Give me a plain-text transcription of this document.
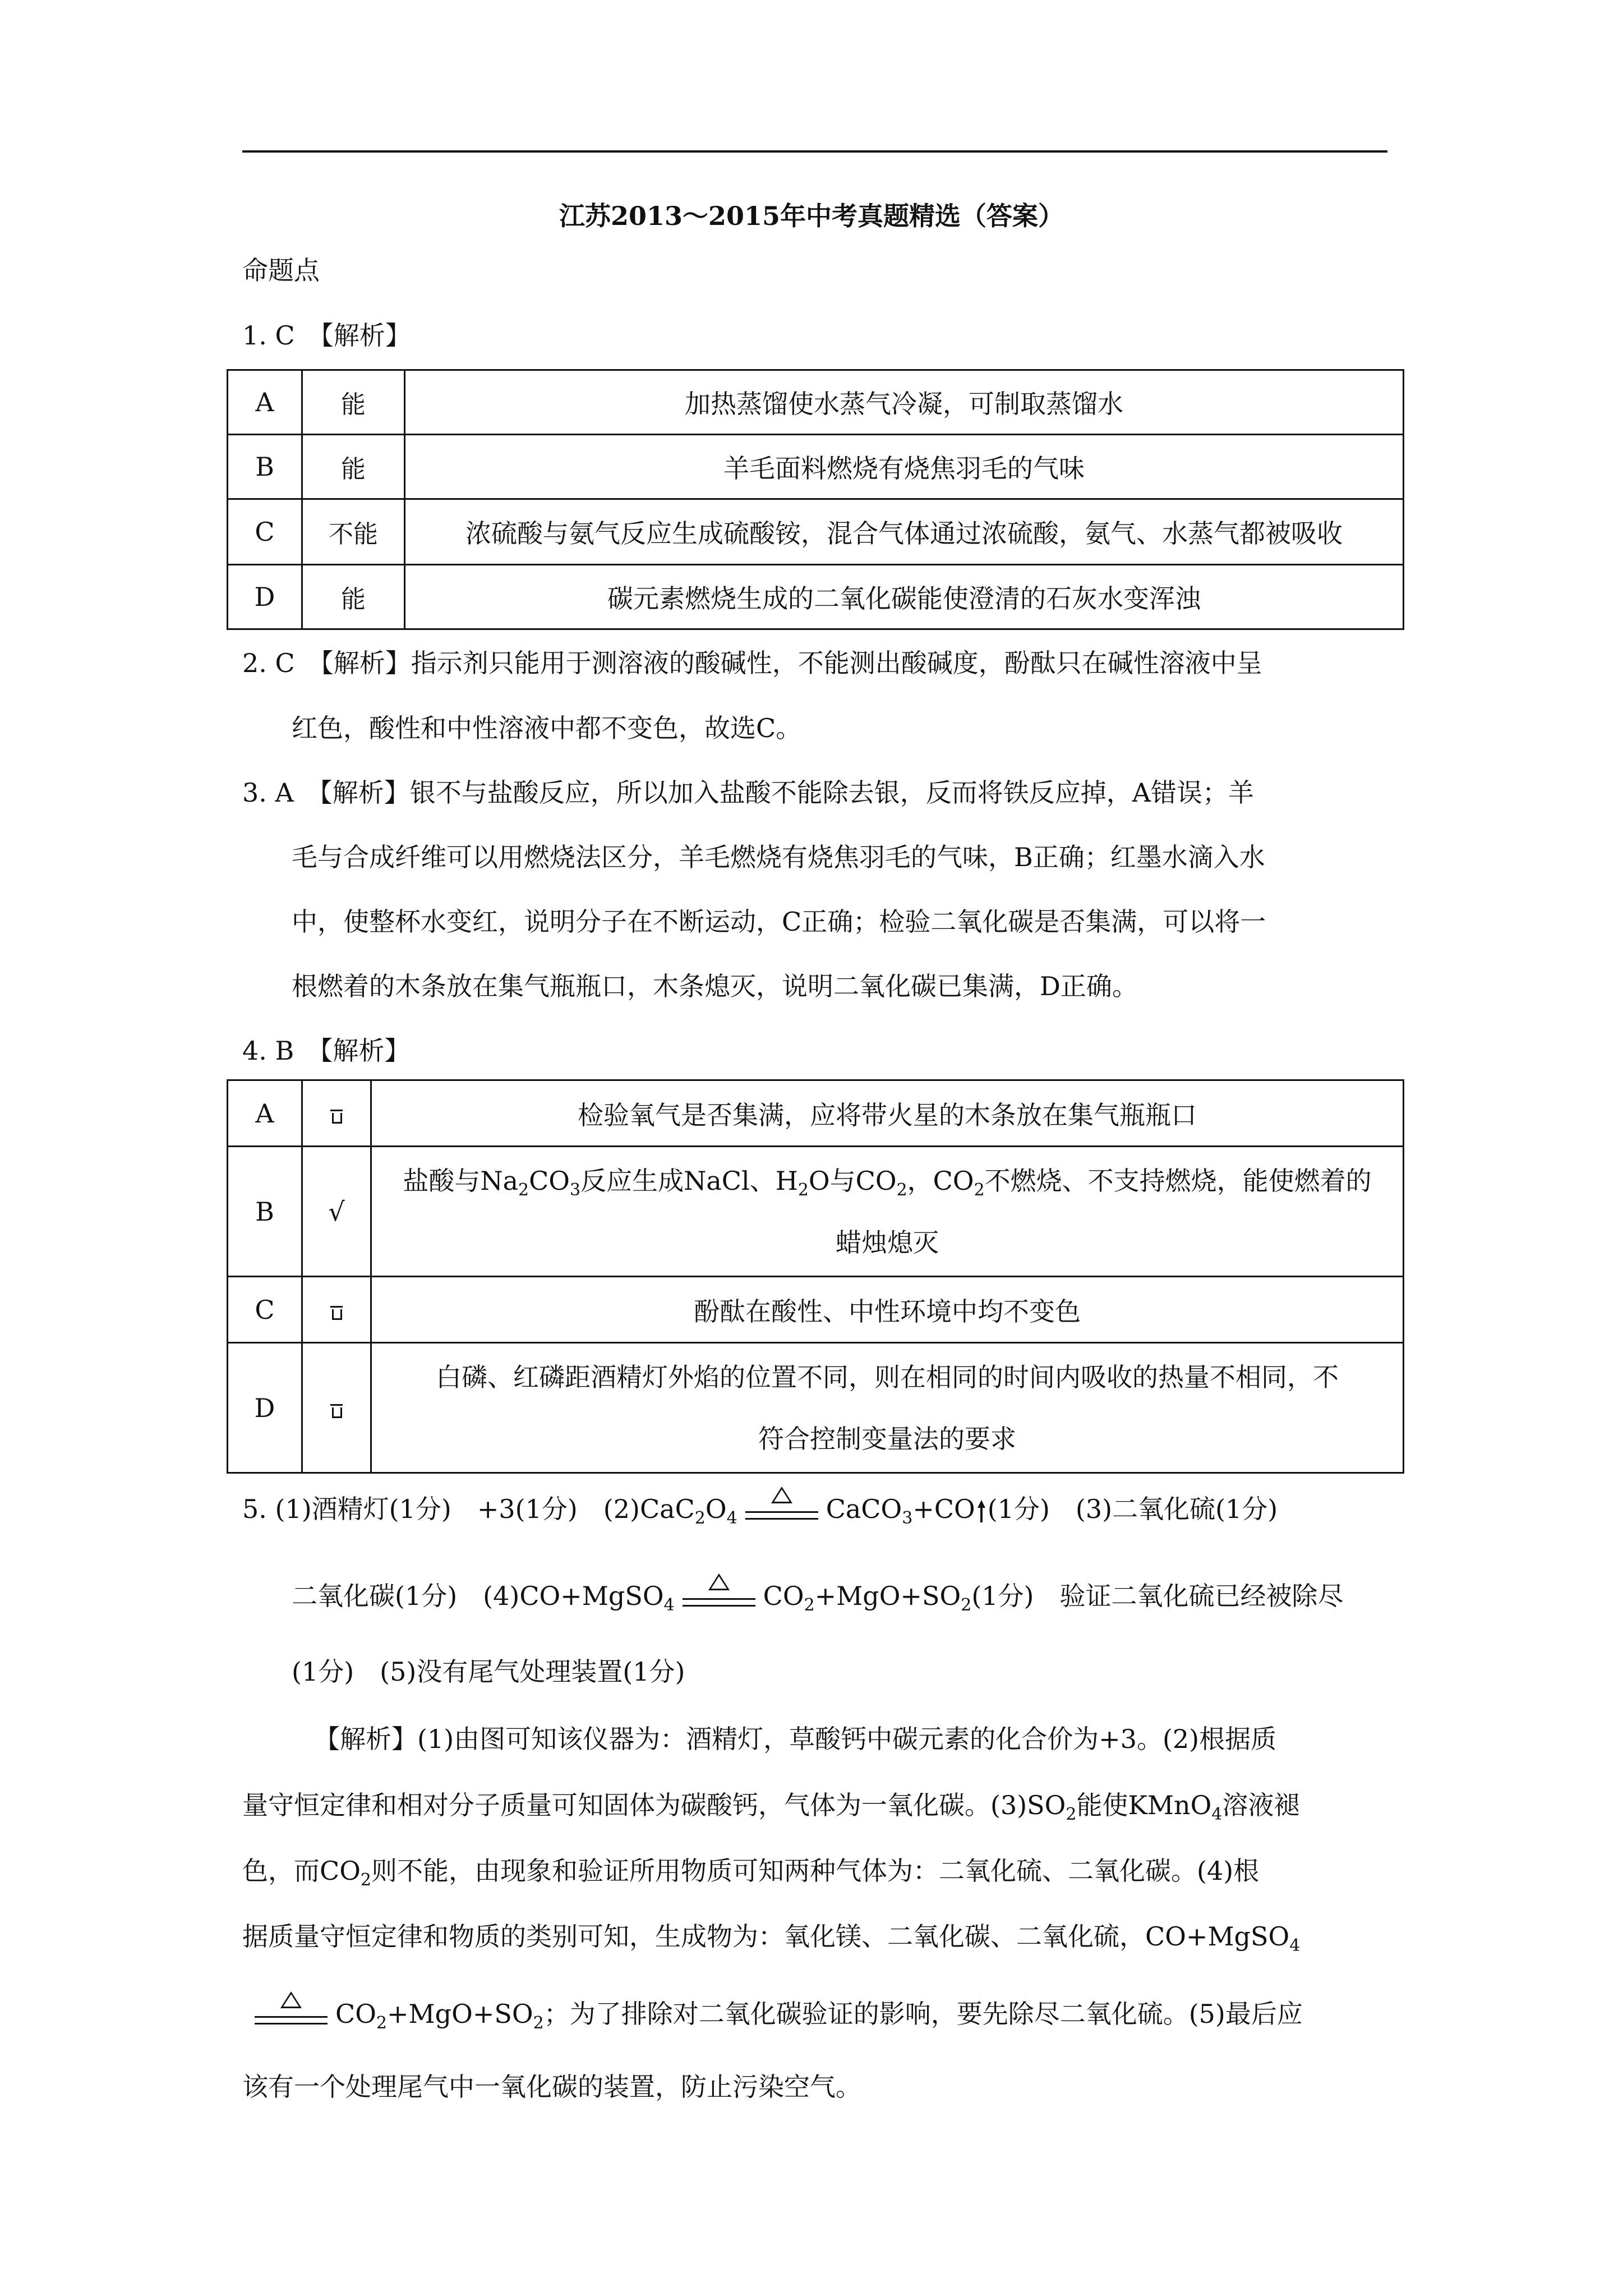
江苏2013～2015年中考真题精选（答案）
命题点
1. C　【解析】
A	能	加热蒸馏使水蒸气冷凝，可制取蒸馏水
B	能	羊毛面料燃烧有烧焦羽毛的气味
C	不能	浓硫酸与氨气反应生成硫酸铵，混合气体通过浓硫酸，氨气、水蒸气都被吸收
D	能	碳元素燃烧生成的二氧化碳能使澄清的石灰水变浑浊
2. C　【解析】指示剂只能用于测溶液的酸碱性，不能测出酸碱度，酚酞只在碱性溶液中呈
红色，酸性和中性溶液中都不变色，故选C。
3. A　【解析】银不与盐酸反应，所以加入盐酸不能除去银，反而将铁反应掉，A错误；羊
毛与合成纤维可以用燃烧法区分，羊毛燃烧有烧焦羽毛的气味，B正确；红墨水滴入水
中，使整杯水变红，说明分子在不断运动，C正确；检验二氧化碳是否集满，可以将一
根燃着的木条放在集气瓶瓶口，木条熄灭，说明二氧化碳已集满，D正确。
4. B　【解析】
A		检验氧气是否集满，应将带火星的木条放在集气瓶瓶口
B	√	盐酸与$Na_2CO_3$反应生成NaCl、$H_2O$与$CO_2$，$CO_2$不燃烧、不支持燃烧，能使燃着的
蜡烛熄灭
C		酚酞在酸性、中性环境中均不变色
D		白磷、红磷距酒精灯外焰的位置不同，则在相同的时间内吸收的热量不相同，不
符合控制变量法的要求
5. (1)酒精灯(1分)　+3(1分)　$(2)CaC_2O_4$	CaCO$_3$+CO (1分)　(3)二氧化硫(1分)
二氧化碳(1分)　(4)CO+MgSO$_4$	$CO_2+MgO+SO_2(1$分)　验证二氧化硫已经被除尽
(1分)　(5)没有尾气处理装置(1分)
【解析】(1)由图可知该仪器为：酒精灯，草酸钙中碳元素的化合价为+3。(2)根据质
量守恒定律和相对分子质量可知固体为碳酸钙，气体为一氧化碳。$(3)SO_2$能使KMnO$_4$溶液褪
色，而$CO_2$则不能，由现象和验证所用物质可知两种气体为：二氧化硫、二氧化碳。(4)根
据质量守恒定律和物质的类别可知，生成物为：氧化镁、二氧化碳、二氧化硫，CO+MgSO$_4$
$CO_2+MgO+SO_2$；为了排除对二氧化碳验证的影响，要先除尽二氧化硫。(5)最后应
该有一个处理尾气中一氧化碳的装置，防止污染空气。
